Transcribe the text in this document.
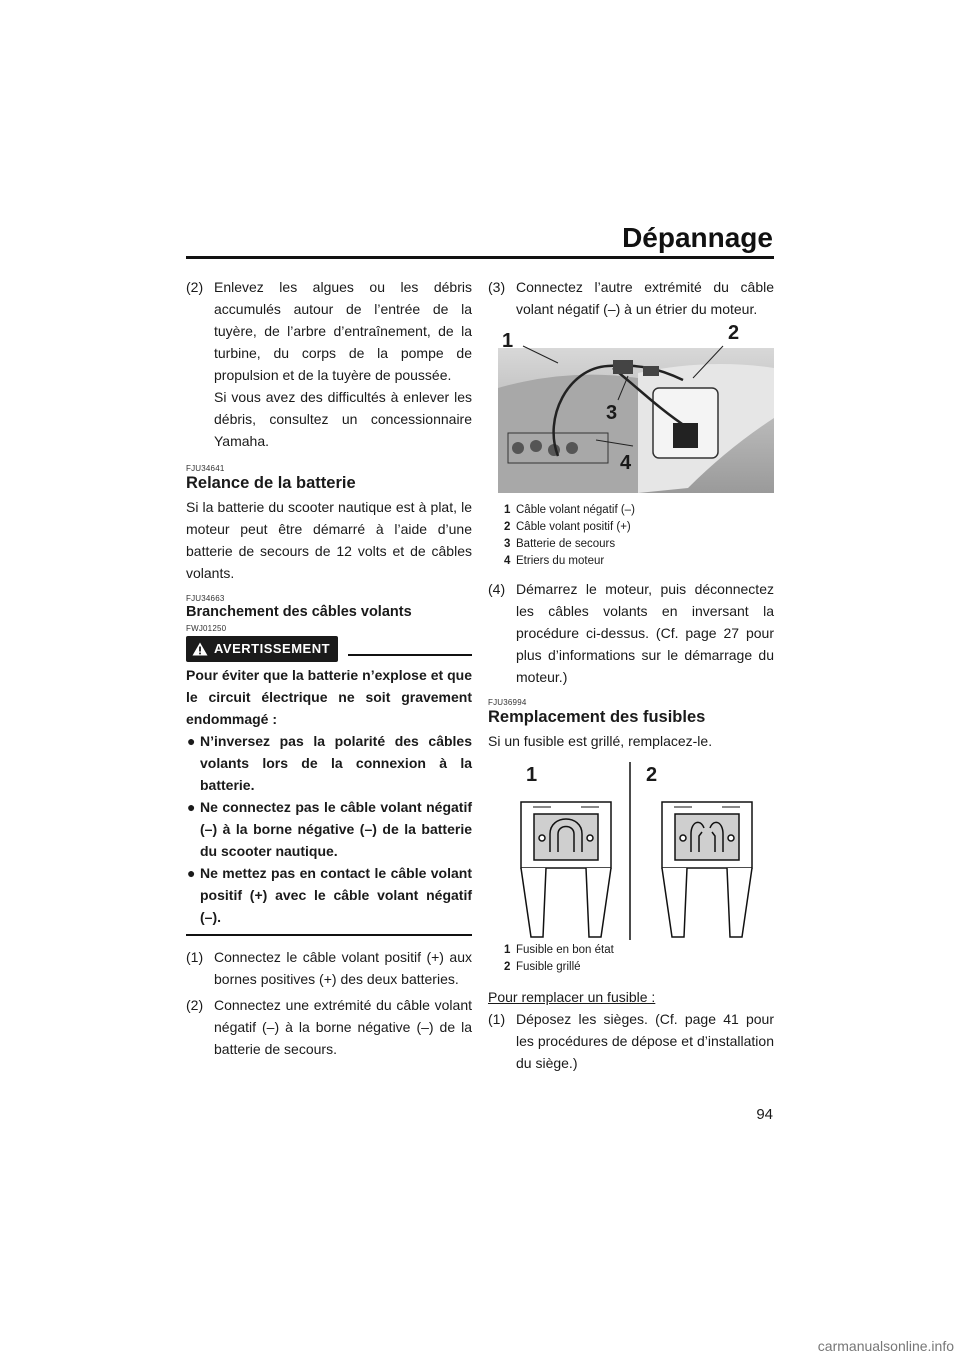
Dépannage

(2) Enlevez les algues ou les débris accumulés autour de l’entrée de la tuyère, de l’arbre d’entraînement, de la turbine, du corps de la pompe de propulsion et de la tuyère de poussée.

Si vous avez des difficultés à enlever les débris, consultez un concessionnaire Yamaha.

FJU34641
Relance de la batterie

Si la batterie du scooter nautique est à plat, le moteur peut être démarré à l’aide d’une batterie de secours de 12 volts et de câbles volants.

FJU34663
Branchement des câbles volants
FWJ01250
AVERTISSEMENT

Pour éviter que la batterie n’explose et que le circuit électrique ne soit gravement endommagé :

● N’inversez pas la polarité des câbles volants lors de la connexion à la batterie.

● Ne connectez pas le câble volant négatif (–) à la borne négative (–) de la batterie du scooter nautique.

● Ne mettez pas en contact le câble volant positif (+) avec le câble volant négatif (–).

(1) Connectez le câble volant positif (+) aux bornes positives (+) des deux batteries.

(2) Connectez une extrémité du câble volant négatif (–) à la borne négative (–) de la batterie de secours.

(3) Connectez l’autre extrémité du câble volant négatif (–) à un étrier du moteur.

1	2
3
4
1 Câble volant négatif (–)
2 Câble volant positif (+)
3 Batterie de secours
4 Etriers du moteur

(4) Démarrez le moteur, puis déconnectez les câbles volants en inversant la procédure ci-dessus. (Cf. page 27 pour plus d’informations sur le démarrage du moteur.)

FJU36994
Remplacement des fusibles

Si un fusible est grillé, remplacez-le.

1	2
1 Fusible en bon état
2 Fusible grillé

Pour remplacer un fusible :

(1) Déposez les sièges. (Cf. page 41 pour les procédures de dépose et d’installation du siège.)

94
carmanualsonline.info
